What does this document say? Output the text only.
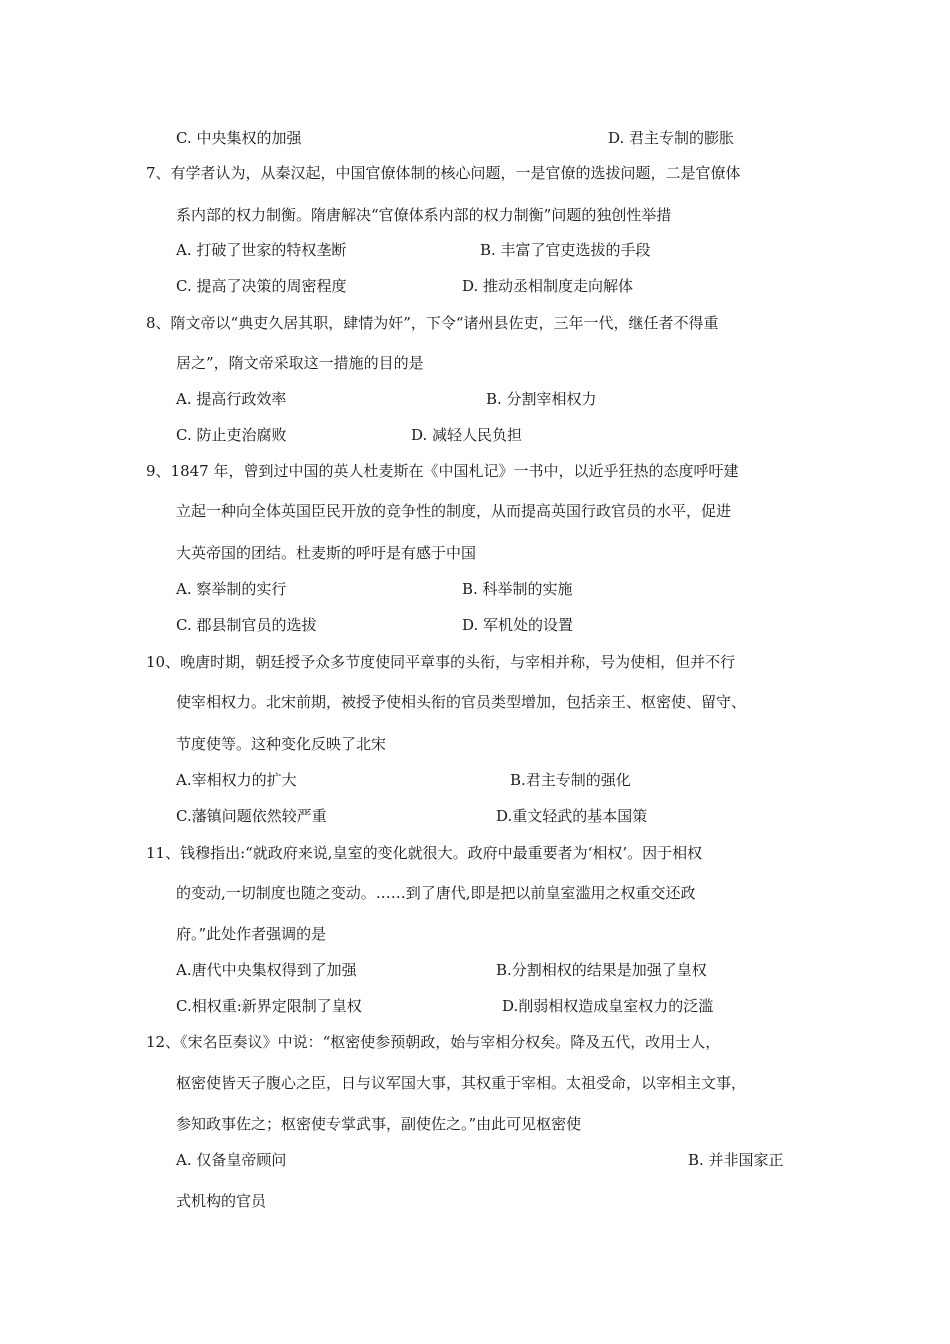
C. 中央集权的加强	D. 君主专制的膨胀
7、有学者认为，从秦汉起，中国官僚体制的核心问题，一是官僚的选拔问题，二是官僚体
系内部的权力制衡。隋唐解决“官僚体系内部的权力制衡”问题的独创性举措
A. 打破了世家的特权垄断	B. 丰富了官吏选拔的手段
C. 提高了决策的周密程度	D. 推动丞相制度走向解体
8、隋文帝以“典吏久居其职，肆情为奸”，下令“诸州县佐吏，三年一代，继任者不得重
居之”，隋文帝采取这一措施的目的是
A. 提高行政效率	B. 分割宰相权力
C. 防止吏治腐败	D. 减轻人民负担
9、1847 年，曾到过中国的英人杜麦斯在《中国札记》一书中，以近乎狂热的态度呼吁建
立起一种向全体英国臣民开放的竞争性的制度，从而提高英国行政官员的水平，促进
大英帝国的团结。杜麦斯的呼吁是有感于中国
A. 察举制的实行	B. 科举制的实施
C. 郡县制官员的选拔	D. 军机处的设置
10、晚唐时期，朝廷授予众多节度使同平章事的头衔，与宰相并称，号为使相，但并不行
使宰相权力。北宋前期，被授予使相头衔的官员类型增加，包括亲王、枢密使、留守、
节度使等。这种变化反映了北宋
A.宰相权力的扩大	B.君主专制的强化
C.藩镇问题依然较严重	D.重文轻武的基本国策
11、钱穆指出:“就政府来说,皇室的变化就很大。政府中最重要者为‘相权’。因于相权
的变动,一切制度也随之变动。……到了唐代,即是把以前皇室滥用之权重交还政
府。”此处作者强调的是
A.唐代中央集权得到了加强	B.分割相权的结果是加强了皇权
C.相权重:新界定限制了皇权	D.削弱相权造成皇室权力的泛滥
12、《宋名臣奏议》中说：“枢密使参预朝政，始与宰相分权矣。降及五代，改用士人，
枢密使皆天子腹心之臣，日与议军国大事，其权重于宰相。太祖受命，以宰相主文事，
参知政事佐之；枢密使专掌武事，副使佐之。”由此可见枢密使
A. 仅备皇帝顾问	B. 并非国家正
式机构的官员
